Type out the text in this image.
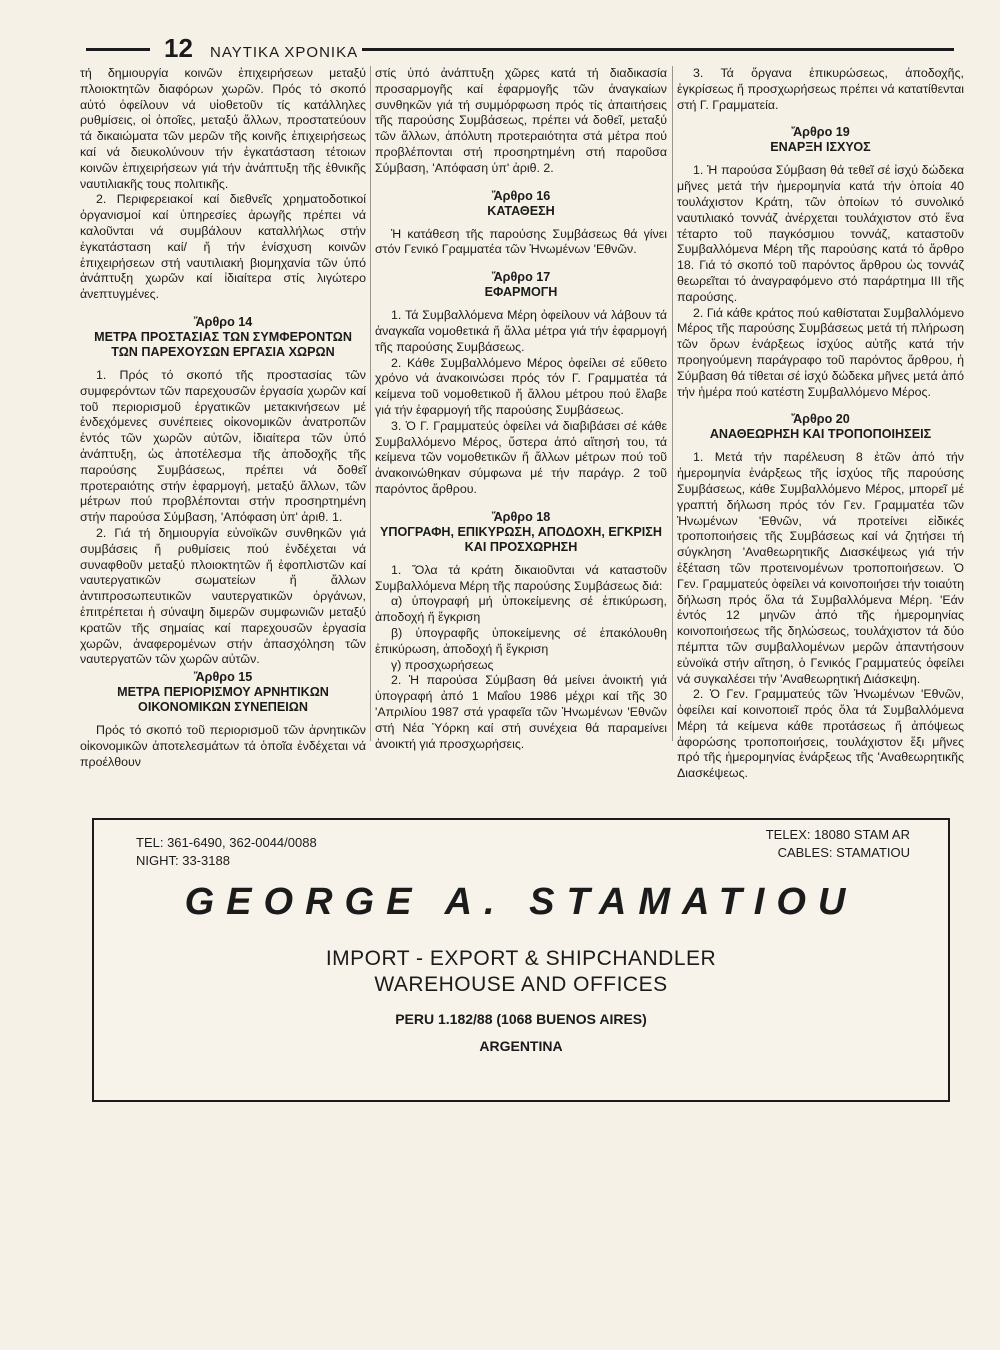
12 ΝΑΥΤΙΚΑ ΧΡΟΝΙΚΑ

τή δημιουργία κοινῶν ἐπιχειρήσεων μεταξύ πλοιοκτητῶν διαφόρων χωρῶν. Πρός τό σκοπό αὐτό ὀφείλουν νά υἱοθετοῦν τίς κατάλληλες ρυθμίσεις, οἱ ὁποῖες, μεταξύ ἄλλων, προστατεύουν τά δικαιώματα τῶν μερῶν τῆς κοινῆς ἐπιχειρήσεως καί νά διευκολύνουν τήν ἐγκατάσταση τέτοιων κοινῶν ἐπιχειρήσεων γιά τήν ἀνάπτυξη τῆς ἐθνικῆς ναυτιλιακῆς τους πολιτικῆς.

2. Περιφερειακοί καί διεθνεῖς χρηματοδοτικοί ὀργανισμοί καί ὑπηρεσίες ἀρωγῆς πρέπει νά καλοῦνται νά συμβάλουν καταλλήλως στήν ἐγκατάσταση καί/ ἤ τήν ἐνίσχυση κοινῶν ἐπιχειρήσεων στή ναυτιλιακή βιομηχανία τῶν ὑπό ἀνάπτυξη χωρῶν καί ἰδιαίτερα στίς λιγώτερο ἀνεπτυγμένες.

Ἄρθρο 14
ΜΕΤΡΑ ΠΡΟΣΤΑΣΙΑΣ ΤΩΝ ΣΥΜΦΕΡΟΝΤΩΝ ΤΩΝ ΠΑΡΕΧΟΥΣΩΝ ΕΡΓΑΣΙΑ ΧΩΡΩΝ

1. Πρός τό σκοπό τῆς προστασίας τῶν συμφερόντων τῶν παρεχουσῶν ἐργασία χωρῶν καί τοῦ περιορισμοῦ ἐργατικῶν μετακινήσεων μέ ἐνδεχόμενες συνέπειες οἰκονομικῶν ἀνατροπῶν ἐντός τῶν χωρῶν αὐτῶν, ἰδιαίτερα τῶν ὑπό ἀνάπτυξη, ὡς ἀποτέλεσμα τῆς ἀποδοχῆς τῆς παρούσης Συμβάσεως, πρέπει νά δοθεῖ προτεραιότης στήν ἐφαρμογή, μεταξύ ἄλλων, τῶν μέτρων πού προβλέπονται στήν προσηρτημένη στήν παρούσα Σύμβαση, 'Απόφαση ὑπ' ἀριθ. 1.

2. Γιά τή δημιουργία εὐνοϊκῶν συνθηκῶν γιά συμβάσεις ἤ ρυθμίσεις πού ἐνδέχεται νά συναφθοῦν μεταξύ πλοιοκτητῶν ἤ ἐφοπλιστῶν καί ναυτεργατικῶν σωματείων ἤ ἄλλων ἀντιπροσωπευτικῶν ναυτεργατικῶν ὀργάνων, ἐπιτρέπεται ἡ σύναψη διμερῶν συμφωνιῶν μεταξύ κρατῶν τῆς σημαίας καί παρεχουσῶν ἐργασία χωρῶν, ἀναφερομένων στήν ἀπασχόληση τῶν ναυτεργατῶν τῶν χωρῶν αὐτῶν.

Ἄρθρο 15
ΜΕΤΡΑ ΠΕΡΙΟΡΙΣΜΟΥ ΑΡΝΗΤΙΚΩΝ ΟΙΚΟΝΟΜΙΚΩΝ ΣΥΝΕΠΕΙΩΝ

Πρός τό σκοπό τοῦ περιορισμοῦ τῶν ἀρνητικῶν οἰκονομικῶν ἀποτελεσμάτων τά ὁποῖα ἐνδέχεται νά προέλθουν

στίς ὑπό ἀνάπτυξη χῶρες κατά τή διαδικασία προσαρμογῆς καί ἐφαρμογῆς τῶν ἀναγκαίων συνθηκῶν γιά τή συμμόρφωση πρός τίς ἀπαιτήσεις τῆς παρούσης Συμβάσεως, πρέπει νά δοθεῖ, μεταξύ τῶν ἄλλων, ἀπόλυτη προτεραιότητα στά μέτρα πού προβλέπονται στή προσηρτημένη στή παροῦσα Σύμβαση, 'Απόφαση ὑπ' ἀριθ. 2.

Ἄρθρο 16
ΚΑΤΑΘΕΣΗ

Ἡ κατάθεση τῆς παρούσης Συμβάσεως θά γίνει στόν Γενικό Γραμματέα τῶν Ἡνωμένων 'Εθνῶν.

Ἄρθρο 17
ΕΦΑΡΜΟΓΗ

1. Τά Συμβαλλόμενα Μέρη ὀφείλουν νά λάβουν τά ἀναγκαῖα νομοθετικά ἤ ἄλλα μέτρα γιά τήν ἐφαρμογή τῆς παρούσης Συμβάσεως.

2. Κάθε Συμβαλλόμενο Μέρος ὀφείλει σέ εὔθετο χρόνο νά ἀνακοινώσει πρός τόν Γ. Γραμματέα τά κείμενα τοῦ νομοθετικοῦ ἤ ἄλλου μέτρου πού ἔλαβε γιά τήν ἐφαρμογή τῆς παρούσης Συμβάσεως.

3. Ὁ Γ. Γραμματεύς ὀφείλει νά διαβιβάσει σέ κάθε Συμβαλλόμενο Μέρος, ὕστερα ἀπό αἴτησή του, τά κείμενα τῶν νομοθετικῶν ἤ ἄλλων μέτρων πού τοῦ ἀνακοινώθηκαν σύμφωνα μέ τήν παράγρ. 2 τοῦ παρόντος ἄρθρου.

Ἄρθρο 18
ΥΠΟΓΡΑΦΗ, ΕΠΙΚΥΡΩΣΗ, ΑΠΟΔΟΧΗ, ΕΓΚΡΙΣΗ ΚΑΙ ΠΡΟΣΧΩΡΗΣΗ

1. Ὅλα τά κράτη δικαιοῦνται νά καταστοῦν Συμβαλλόμενα Μέρη τῆς παρούσης Συμβάσεως διά:

α) ὑπογραφή μή ὑποκείμενης σέ ἐπικύρωση, ἀποδοχή ἤ ἔγκριση

β) ὑπογραφῆς ὑποκείμενης σέ ἐπακόλουθη ἐπικύρωση, ἀποδοχή ἤ ἔγκριση

γ) προσχωρήσεως

2. Ἡ παρούσα Σύμβαση θά μείνει ἀνοικτή γιά ὑπογραφή ἀπό 1 Μαΐου 1986 μέχρι καί τῆς 30 'Απριλίου 1987 στά γραφεῖα τῶν Ἡνωμένων 'Εθνῶν στή Νέα Ὑόρκη καί στή συνέχεια θά παραμείνει ἀνοικτή γιά προσχωρήσεις.

3. Τά ὄργανα ἐπικυρώσεως, ἀποδοχῆς, ἐγκρίσεως ἤ προσχωρήσεως πρέπει νά κατατίθενται στή Γ. Γραμματεία.

Ἄρθρο 19
ΕΝΑΡΞΗ ΙΣΧΥΟΣ

1. Ἡ παρούσα Σύμβαση θά τεθεῖ σέ ἰσχύ δώδεκα μῆνες μετά τήν ἡμερομηνία κατά τήν ὁποία 40 τουλάχιστον Κράτη, τῶν ὁποίων τό συνολικό ναυτιλιακό τοννάζ ἀνέρχεται τουλάχιστον στό ἕνα τέταρτο τοῦ παγκόσμιου τοννάζ, καταστοῦν Συμβαλλόμενα Μέρη τῆς παρούσης κατά τό ἄρθρο 18. Γιά τό σκοπό τοῦ παρόντος ἄρθρου ὡς τοννάζ θεωρεῖται τό ἀναγραφόμενο στό παράρτημα III τῆς παρούσης.

2. Γιά κάθε κράτος πού καθίσταται Συμβαλλόμενο Μέρος τῆς παρούσης Συμβάσεως μετά τή πλήρωση τῶν ὅρων ἐνάρξεως ἰσχύος αὐτῆς κατά τήν προηγούμενη παράγραφο τοῦ παρόντος ἄρθρου, ἡ Σύμβαση θά τίθεται σέ ἰσχύ δώδεκα μῆνες μετά ἀπό τήν ἡμέρα πού κατέστη Συμβαλλόμενο Μέρος.

Ἄρθρο 20
ΑΝΑΘΕΩΡΗΣΗ ΚΑΙ ΤΡΟΠΟΠΟΙΗΣΕΙΣ

1. Μετά τήν παρέλευση 8 ἐτῶν ἀπό τήν ἡμερομηνία ἐνάρξεως τῆς ἰσχύος τῆς παρούσης Συμβάσεως, κάθε Συμβαλλόμενο Μέρος, μπορεῖ μέ γραπτή δήλωση πρός τόν Γεν. Γραμματέα τῶν Ἡνωμένων 'Εθνῶν, νά προτείνει εἰδικές τροποποιήσεις τῆς Συμβάσεως καί νά ζητήσει τή σύγκληση 'Αναθεωρητικῆς Διασκέψεως γιά τήν ἐξέταση τῶν προτεινομένων τροποποιήσεων. Ὁ Γεν. Γραμματεύς ὀφείλει νά κοινοποιήσει τήν τοιαύτη δήλωση πρός ὅλα τά Συμβαλλόμενα Μέρη. 'Εάν ἐντός 12 μηνῶν ἀπό τῆς ἡμερομηνίας κοινοποιήσεως τῆς δηλώσεως, τουλάχιστον τά δύο πέμπτα τῶν συμβαλλομένων μερῶν ἀπαντήσουν εὐνοϊκά στήν αἴτηση, ὁ Γενικός Γραμματεύς ὀφείλει νά συγκαλέσει τήν 'Αναθεωρητική Διάσκεψη.

2. Ὁ Γεν. Γραμματεύς τῶν Ἡνωμένων 'Εθνῶν, ὀφείλει καί κοινοποιεῖ πρός ὅλα τά Συμβαλλόμενα Μέρη τά κείμενα κάθε προτάσεως ἤ ἀπόψεως ἀφορώσης τροποποιήσεις, τουλάχιστον ἕξι μῆνες πρό τῆς ἡμερομηνίας ἐνάρξεως τῆς 'Αναθεωρητικῆς Διασκέψεως.

TEL: 361-6490, 362-0044/0088
NIGHT: 33-3188
TELEX: 18080 STAM AR
CABLES: STAMATIOU
GEORGE A. STAMATIOU
IMPORT - EXPORT & SHIPCHANDLER
WAREHOUSE AND OFFICES
PERU 1.182/88 (1068 BUENOS AIRES)
ARGENTINA
